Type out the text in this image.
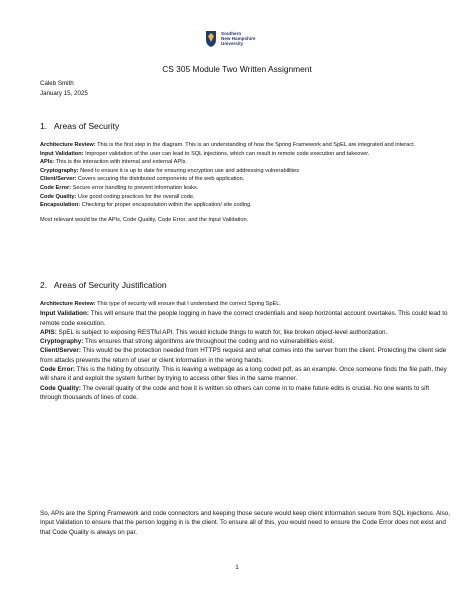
Southern
New Hampshire
University
CS 305 Module Two Written Assignment
Caleb Smith
January 15, 2025
1. Areas of Security

Architecture Review: This is the first step in the diagram. This is an understanding of how the Spring Framework and SpEL are integrated and interact.

Input Validation: Improper validation of the user can lead to SQL injections, which can result in remote code execution and takeover.

APIs: This is the interaction with internal and external APIs.

Cryptography: Need to ensure it is up to date for ensuring encryption use and addressing vulnerabilities

Client/Server: Covers securing the distributed components of the web application.

Code Error: Secure error handling to prevent information leaks.

Code Quality: Use good coding practices for the overall code.

Encapsulation: Checking for proper encapsulation within the application/ site coding.

Most relevant would be the APIs, Code Quality, Code Error, and the Input Validation.

2. Areas of Security Justification

Architecture Review: This type of security will ensure that I understand the correct Spring SpEL.

Input Validation: This will ensure that the people logging in have the correct credentials and keep horizontal account overtakes. This could lead to remote code execution.

APIS: SpEL is subject to exposing RESTful API. This would include things to watch for, like broken object-level authorization.

Cryptography: This ensures that strong algorithms are throughout the coding and no vulnerabilities exist.

Client/Server: This would be the protection needed from HTTPS request and what comes into the server from the client. Protecting the client side from attacks prevents the return of user or client information in the wrong hands.

Code Error: This is the hiding by obscurity. This is leaving a webpage as a long coded pdf, as an example. Once someone finds the file path, they will share it and exploit the system further by trying to access other files in the same manner.

Code Quality: The overall quality of the code and how it is written so others can come in to make future edits is crucial. No one wants to sift through thousands of lines of code.

So, APIs are the Spring Framework and code connectors and keeping those secure would keep client information secure from SQL injections. Also, Input Validation to ensure that the person logging in is the client. To ensure all of this, you would need to ensure the Code Error does not exist and that Code Quality is always on par.
1
